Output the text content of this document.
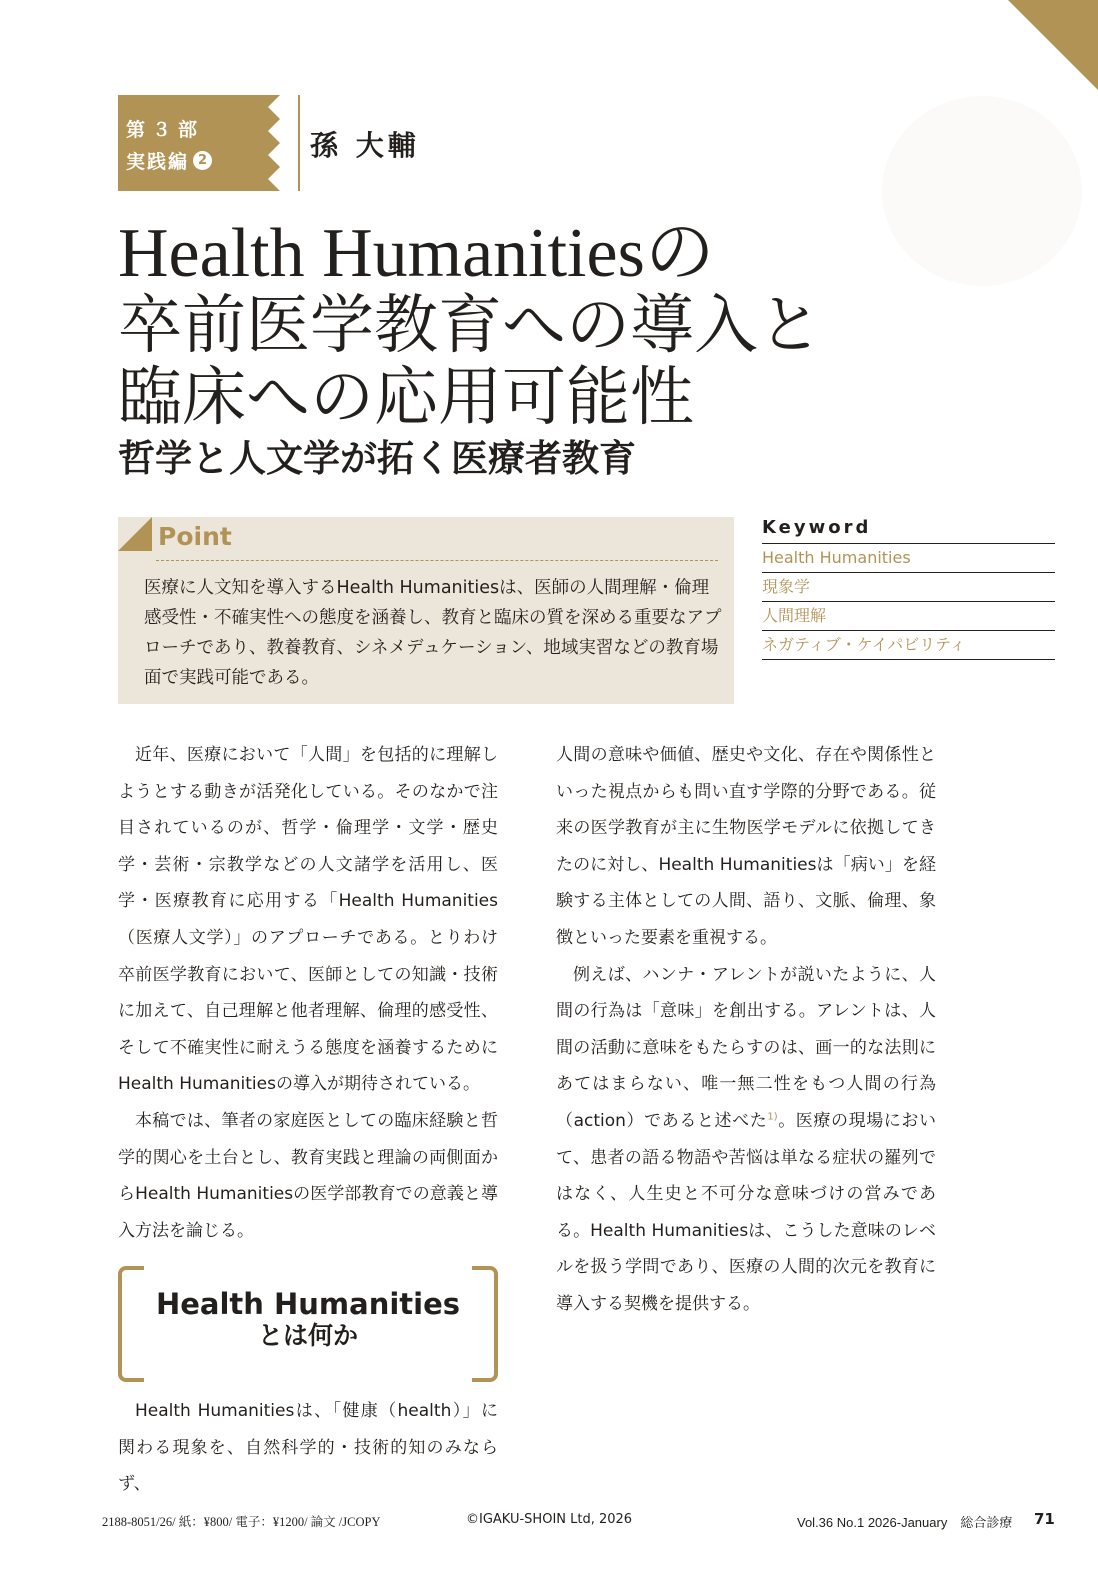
第３部
実践編 2	孫 大輔
Health Humanitiesの
卒前医学教育への導入と
臨床への応用可能性
哲学と人文学が拓く医療者教育
Point
医療に人文知を導入するHealth Humanitiesは、医師の人間理解・倫理感受性・不確実性への態度を涵養し、教育と臨床の質を深める重要なアプローチであり、教養教育、シネメデュケーション、地域実習などの教育場面で実践可能である。
Keyword
Health Humanities
現象学
人間理解
ネガティブ・ケイパビリティ

近年、医療において「人間」を包括的に理解しようとする動きが活発化している。そのなかで注目されているのが、哲学・倫理学・文学・歴史学・芸術・宗教学などの人文諸学を活用し、医学・医療教育に応用する「Health Humanities（医療人文学）」のアプローチである。とりわけ卒前医学教育において、医師としての知識・技術に加えて、自己理解と他者理解、倫理的感受性、そして不確実性に耐えうる態度を涵養するためにHealth Humanitiesの導入が期待されている。

本稿では、筆者の家庭医としての臨床経験と哲学的関心を土台とし、教育実践と理論の両側面からHealth Humanitiesの医学部教育での意義と導入方法を論じる。

Health Humanities
とは何か

Health Humanitiesは、「健康（health）」に関わる現象を、自然科学的・技術的知のみならず、

人間の意味や価値、歴史や文化、存在や関係性といった視点からも問い直す学際的分野である。従来の医学教育が主に生物医学モデルに依拠してきたのに対し、Health Humanitiesは「病い」を経験する主体としての人間、語り、文脈、倫理、象徴といった要素を重視する。

例えば、ハンナ・アレントが説いたように、人間の行為は「意味」を創出する。アレントは、人間の活動に意味をもたらすのは、画一的な法則にあてはまらない、唯一無二性をもつ人間の行為（action）であると述べた$^{1)}$。医療の現場において、患者の語る物語や苦悩は単なる症状の羅列ではなく、人生史と不可分な意味づけの営みである。Health Humanitiesは、こうした意味のレベルを扱う学問であり、医療の人間的次元を教育に導入する契機を提供する。

2188-8051/26/ 紙：¥800/ 電子：¥1200/ 論文 /JCOPY	©IGAKU-SHOIN Ltd, 2026	Vol.36 No.1 2026-January　総合診療 71
